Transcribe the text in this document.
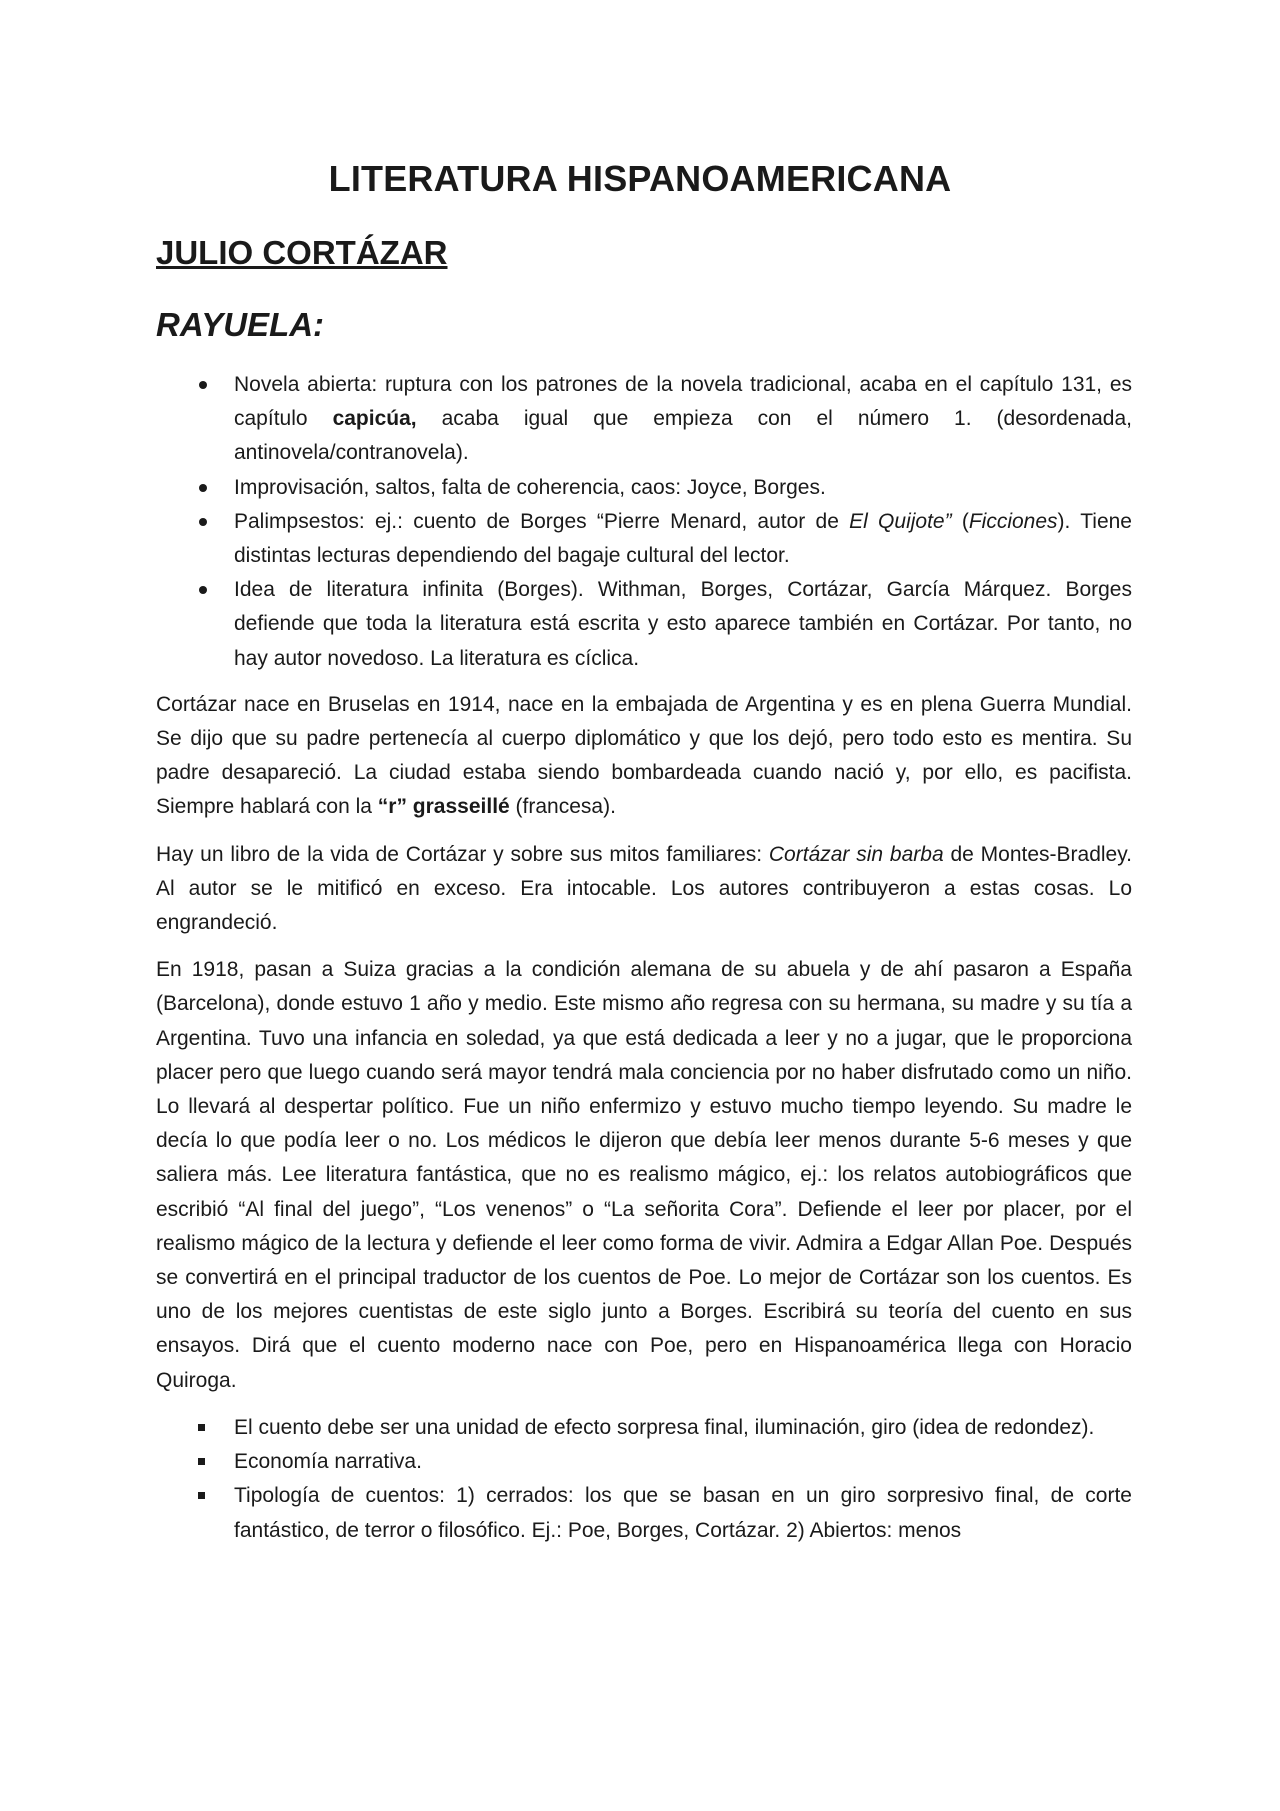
LITERATURA HISPANOAMERICANA
JULIO CORTÁZAR
RAYUELA:
Novela abierta: ruptura con los patrones de la novela tradicional, acaba en el capítulo 131, es capítulo capicúa, acaba igual que empieza con el número 1. (desordenada, antinovela/contranovela).
Improvisación, saltos, falta de coherencia, caos: Joyce, Borges.
Palimpsestos: ej.: cuento de Borges “Pierre Menard, autor de El Quijote” (Ficciones). Tiene distintas lecturas dependiendo del bagaje cultural del lector.
Idea de literatura infinita (Borges). Withman, Borges, Cortázar, García Márquez. Borges defiende que toda la literatura está escrita y esto aparece también en Cortázar. Por tanto, no hay autor novedoso. La literatura es cíclica.

Cortázar nace en Bruselas en 1914, nace en la embajada de Argentina y es en plena Guerra Mundial. Se dijo que su padre pertenecía al cuerpo diplomático y que los dejó, pero todo esto es mentira. Su padre desapareció. La ciudad estaba siendo bombardeada cuando nació y, por ello, es pacifista. Siempre hablará con la “r” grasseillé (francesa).

Hay un libro de la vida de Cortázar y sobre sus mitos familiares: Cortázar sin barba de Montes-Bradley. Al autor se le mitificó en exceso. Era intocable. Los autores contribuyeron a estas cosas. Lo engrandeció.

En 1918, pasan a Suiza gracias a la condición alemana de su abuela y de ahí pasaron a España (Barcelona), donde estuvo 1 año y medio. Este mismo año regresa con su hermana, su madre y su tía a Argentina. Tuvo una infancia en soledad, ya que está dedicada a leer y no a jugar, que le proporciona placer pero que luego cuando será mayor tendrá mala conciencia por no haber disfrutado como un niño. Lo llevará al despertar político. Fue un niño enfermizo y estuvo mucho tiempo leyendo. Su madre le decía lo que podía leer o no. Los médicos le dijeron que debía leer menos durante 5-6 meses y que saliera más. Lee literatura fantástica, que no es realismo mágico, ej.: los relatos autobiográficos que escribió “Al final del juego”, “Los venenos” o “La señorita Cora”. Defiende el leer por placer, por el realismo mágico de la lectura y defiende el leer como forma de vivir. Admira a Edgar Allan Poe. Después se convertirá en el principal traductor de los cuentos de Poe. Lo mejor de Cortázar son los cuentos. Es uno de los mejores cuentistas de este siglo junto a Borges. Escribirá su teoría del cuento en sus ensayos. Dirá que el cuento moderno nace con Poe, pero en Hispanoamérica llega con Horacio Quiroga.

El cuento debe ser una unidad de efecto sorpresa final, iluminación, giro (idea de redondez).
Economía narrativa.
Tipología de cuentos: 1) cerrados: los que se basan en un giro sorpresivo final, de corte fantástico, de terror o filosófico. Ej.: Poe, Borges, Cortázar. 2) Abiertos: menos
